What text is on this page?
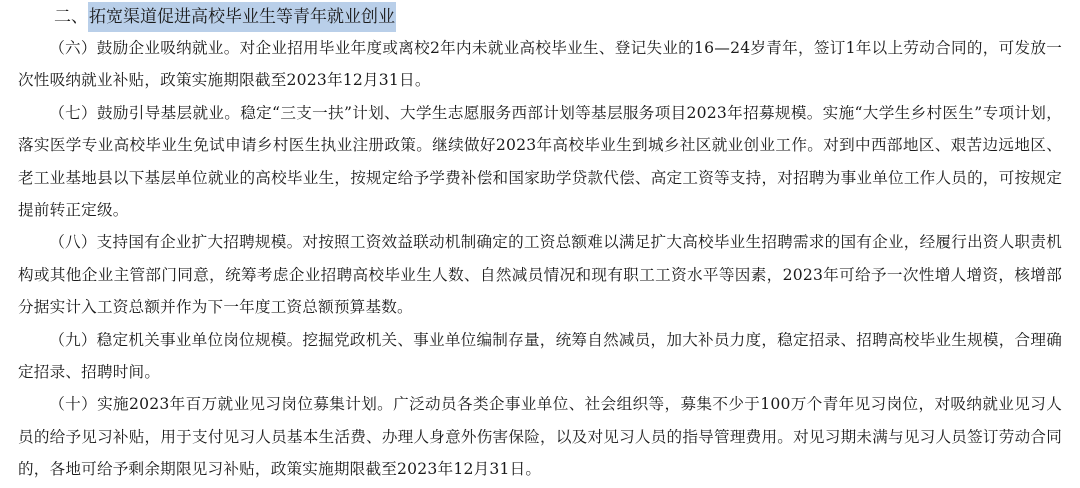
二、拓宽渠道促进高校毕业生等青年就业创业

（六）鼓励企业吸纳就业。对企业招用毕业年度或离校2年内未就业高校毕业生、登记失业的16—24岁青年，签订1年以上劳动合同的，可发放一次性吸纳就业补贴，政策实施期限截至2023年12月31日。

（七）鼓励引导基层就业。稳定“三支一扶”计划、大学生志愿服务西部计划等基层服务项目2023年招募规模。实施“大学生乡村医生”专项计划，落实医学专业高校毕业生免试申请乡村医生执业注册政策。继续做好2023年高校毕业生到城乡社区就业创业工作。对到中西部地区、艰苦边远地区、老工业基地县以下基层单位就业的高校毕业生，按规定给予学费补偿和国家助学贷款代偿、高定工资等支持，对招聘为事业单位工作人员的，可按规定提前转正定级。

（八）支持国有企业扩大招聘规模。对按照工资效益联动机制确定的工资总额难以满足扩大高校毕业生招聘需求的国有企业，经履行出资人职责机构或其他企业主管部门同意，统筹考虑企业招聘高校毕业生人数、自然减员情况和现有职工工资水平等因素，2023年可给予一次性增人增资，核增部分据实计入工资总额并作为下一年度工资总额预算基数。

（九）稳定机关事业单位岗位规模。挖掘党政机关、事业单位编制存量，统筹自然减员，加大补员力度，稳定招录、招聘高校毕业生规模，合理确定招录、招聘时间。

（十）实施2023年百万就业见习岗位募集计划。广泛动员各类企事业单位、社会组织等，募集不少于100万个青年见习岗位，对吸纳就业见习人员的给予见习补贴，用于支付见习人员基本生活费、办理人身意外伤害保险，以及对见习人员的指导管理费用。对见习期未满与见习人员签订劳动合同的，各地可给予剩余期限见习补贴，政策实施期限截至2023年12月31日。
